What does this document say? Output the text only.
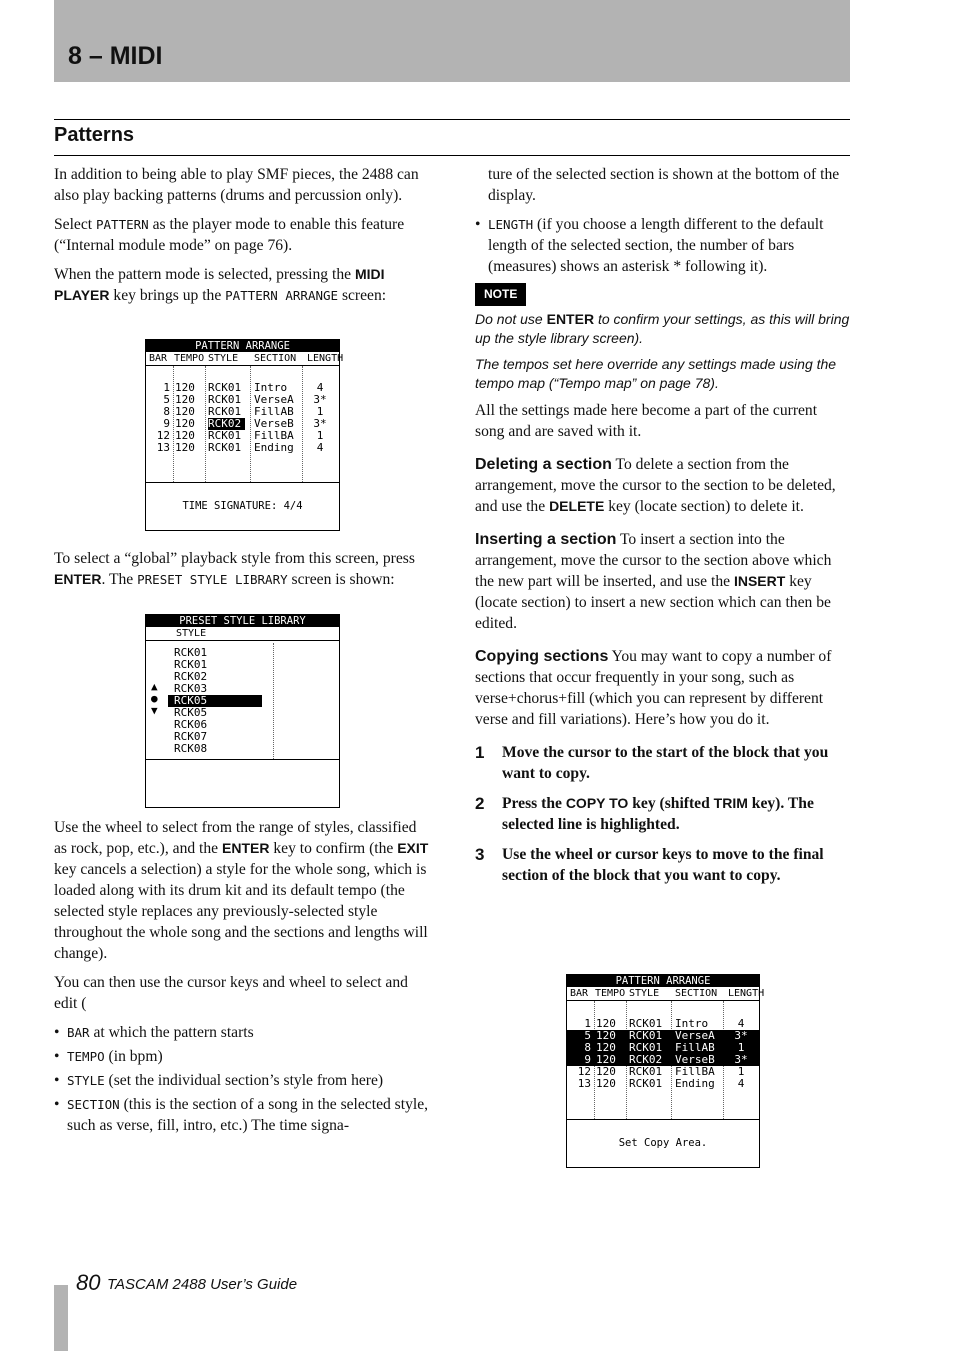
8 – MIDI
Patterns

In addition to being able to play SMF pieces, the 2488 can also play backing patterns (drums and percussion only).

Select PATTERN as the player mode to enable this feature (“Internal module mode” on page 76).

When the pattern mode is selected, pressing the MIDI PLAYER key brings up the PATTERN ARRANGE screen:

PATTERN ARRANGE
BAR TEMPO STYLE SECTION LENGTH
1 120	RCK01	Intro	4
5 120	RCK01	VerseA	3*
8 120	RCK01	FillAB	1
9 120	RCK02	VerseB	3*
12 120	RCK01	FillBA	1
13 120	RCK01	Ending	4
TIME SIGNATURE: 4/4

To select a “global” playback style from this screen, press ENTER. The PRESET STYLE LIBRARY screen is shown:

PRESET STYLE LIBRARY
STYLE
▲
●
▼
RCK01
RCK01
RCK02
RCK03
RCK05
RCK05
RCK06
RCK07
RCK08

Use the wheel to select from the range of styles, classified as rock, pop, etc.), and the ENTER key to confirm (the EXIT key cancels a selection) a style for the whole song, which is loaded along with its drum kit and its default tempo (the selected style replaces any previously-selected style throughout the whole song and the sections and lengths will change).

You can then use the cursor keys and wheel to select and edit (

• BAR at which the pattern starts
• TEMPO (in bpm)
• STYLE (set the individual section’s style from here)
• SECTION (this is the section of a song in the selected style, such as verse, fill, intro, etc.) The time signa-

ture of the selected section is shown at the bottom of the display.

• LENGTH (if you choose a length different to the default length of the selected section, the number of bars (measures) shows an asterisk * following it).
NOTE
Do not use ENTER to confirm your settings, as this will bring up the style library screen).
The tempos set here override any settings made using the tempo map (“Tempo map” on page 78).

All the settings made here become a part of the current song and are saved with it.

Deleting a section To delete a section from the arrangement, move the cursor to the section to be deleted, and use the DELETE key (locate section) to delete it.

Inserting a section To insert a section into the arrangement, move the cursor to the section above which the new part will be inserted, and use the INSERT key (locate section) to insert a new section which can then be edited.

Copying sections You may want to copy a number of sections that occur frequently in your song, such as verse+chorus+fill (which you can represent by different verse and fill variations). Here’s how you do it.

1 Move the cursor to the start of the block that you want to copy.
2 Press the COPY TO key (shifted TRIM key). The selected line is highlighted.
3 Use the wheel or cursor keys to move to the final section of the block that you want to copy.
PATTERN ARRANGE
BAR TEMPO STYLE SECTION LENGTH
1 120	RCK01	Intro	4
5 120	RCK01	VerseA	3*
8 120	RCK01	FillAB	1
9 120	RCK02	VerseB	3*
12 120	RCK01	FillBA	1
13 120	RCK01	Ending	4
Set Copy Area.
80 TASCAM 2488 User’s Guide
